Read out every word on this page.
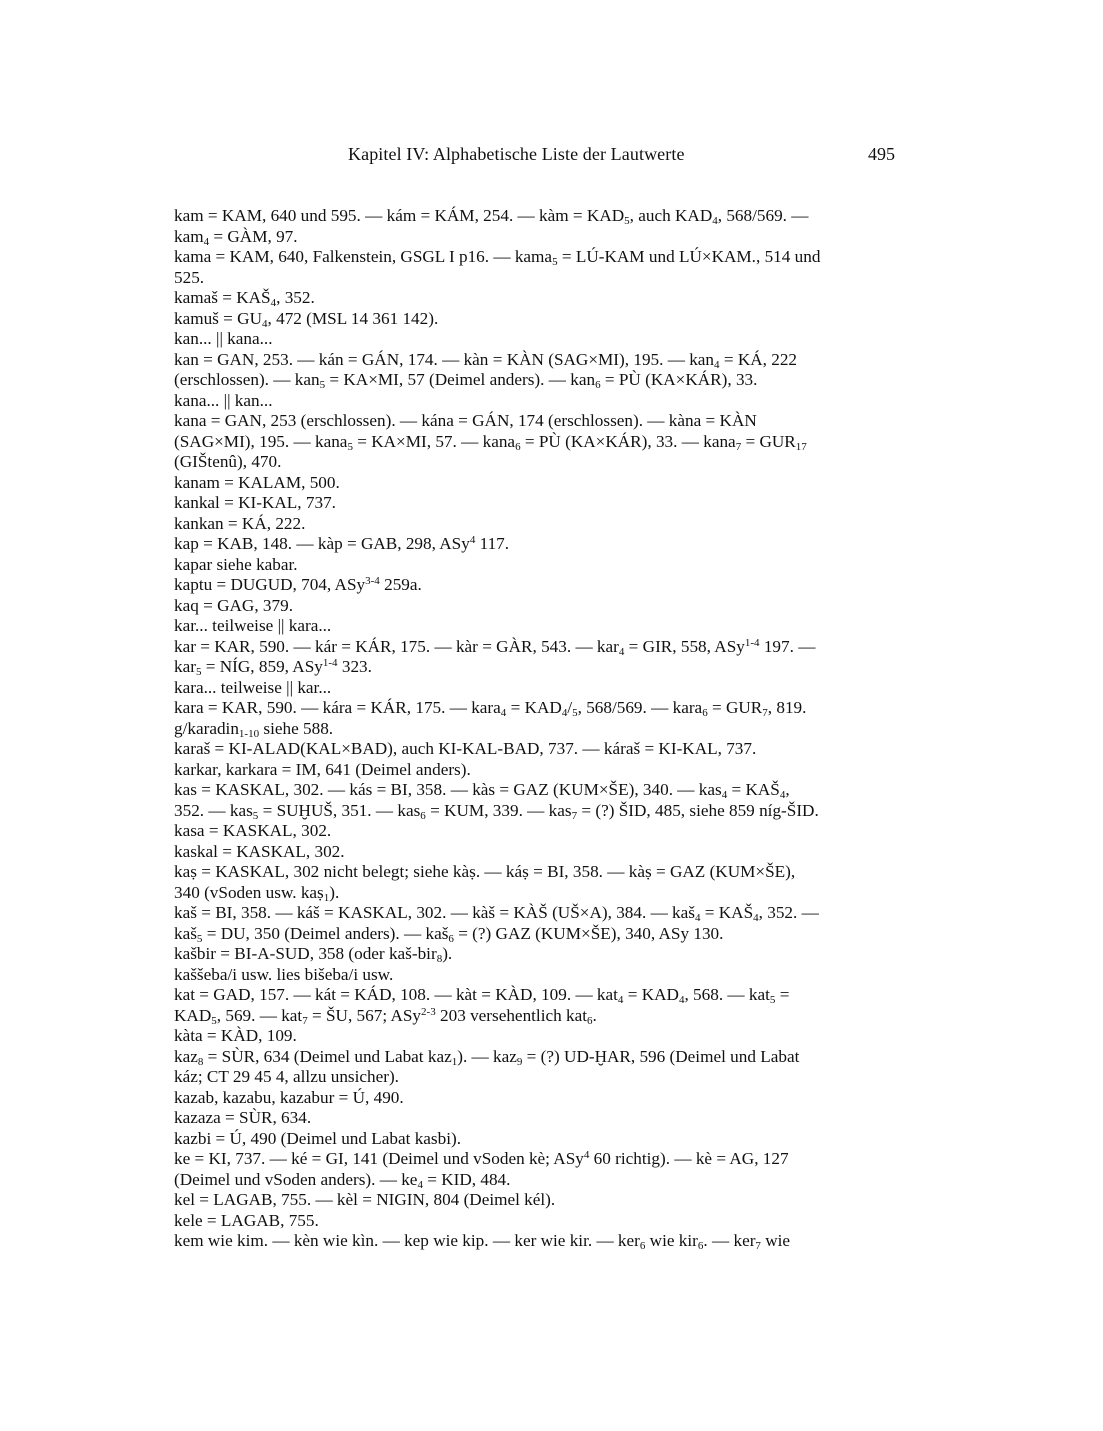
Kapitel IV: Alphabetische Liste der Lautwerte	495
kam = KAM, 640 und 595. — kám = KÁM, 254. — kàm = $KAD_5$, auch $KAD_4$, 568/569. —
kam$_4$ = GÀM, 97.
kama = KAM, 640, Falkenstein, GSGL I p16. — kama$_5$ = LÚ-KAM und LÚ×KAM., 514 und
525.
kamaš = $KAŠ_4$, 352.
kamuš = $GU_4$, 472 (MSL 14 361 142).
kan... || kana...
kan = GAN, 253. — kán = GÁN, 174. — kàn = KÀN (SAG×MI), 195. — kan$_4$ = KÁ, 222
(erschlossen). — kan$_5$ = KA×MI, 57 (Deimel anders). — kan$_6$ = PÙ (KA×KÁR), 33.
kana... || kan...
kana = GAN, 253 (erschlossen). — kána = GÁN, 174 (erschlossen). — kàna = KÀN
(SAG×MI), 195. — kana$_5$ = KA×MI, 57. — kana$_6$ = PÙ (KA×KÁR), 33. — kana$_7$ = $GUR_{17}$
(GIŠtenû), 470.
kanam = KALAM, 500.
kankal = KI-KAL, 737.
kankan = KÁ, 222.
kap = KAB, 148. — kàp = GAB, 298, ASy$^4$ 117.
kapar siehe kabar.
kaptu = DUGUD, 704, ASy$^{3-4}$ 259a.
kaq = GAG, 379.
kar... teilweise || kara...
kar = KAR, 590. — kár = KÁR, 175. — kàr = GÀR, 543. — kar$_4$ = GIR, 558, ASy$^{1-4}$ 197. —
kar$_5$ = NÍG, 859, ASy$^{1-4}$ 323.
kara... teilweise || kar...
kara = KAR, 590. — kára = KÁR, 175. — kara$_4$ = $KAD_4/_5$, 568/569. — kara$_6$ = $GUR_7$, 819.
g/karadin$_{1-10}$ siehe 588.
karaš = KI-ALAD(KAL×BAD), auch KI-KAL-BAD, 737. — káraš = KI-KAL, 737.
karkar, karkara = IM, 641 (Deimel anders).
kas = KASKAL, 302. — kás = BI, 358. — kàs = GAZ (KUM×ŠE), 340. — $kas_4 = KAŠ_4$,
352. — kas$_5$ = SUḪUŠ, 351. — kas$_6$ = KUM, 339. — kas$_7$ = (?) ŠID, 485, siehe 859 níg-ŠID.
kasa = KASKAL, 302.
kaskal = KASKAL, 302.
kaṣ = KASKAL, 302 nicht belegt; siehe kàṣ. — káṣ = BI, 358. — kàṣ = GAZ (KUM×ŠE),
340 (vSoden usw. kaṣ$_1$).
kaš = BI, 358. — káš = KASKAL, 302. — kàš = KÀŠ (UŠ×A), 384. — kaš$_4$ = $KAŠ_4$, 352. —
kaš$_5$ = DU, 350 (Deimel anders). — kaš$_6$ = (?) GAZ (KUM×ŠE), 340, ASy 130.
kašbir = BI-A-SUD, 358 (oder kaš-bir$_8$).
kaššeba/i usw. lies bišeba/i usw.
kat = GAD, 157. — kát = KÁD, 108. — kàt = KÀD, 109. — $kat_4 = KAD_4$, 568. — kat$_5$ =
$KAD_5$, 569. — kat$_7$ = ŠU, 567; ASy$^{2-3}$ 203 versehentlich kat$_6$.
kàta = KÀD, 109.
kaz$_8$ = SÙR, 634 (Deimel und Labat kaz$_1$). — kaz$_9$ = (?) UD-ḪAR, 596 (Deimel und Labat
káz; CT 29 45 4, allzu unsicher).
kazab, kazabu, kazabur = Ú, 490.
kazaza = SÙR, 634.
kazbi = Ú, 490 (Deimel und Labat kasbi).
ke = KI, 737. — ké = GI, 141 (Deimel und vSoden kè; ASy$^4$ 60 richtig). — kè = AG, 127
(Deimel und vSoden anders). — $ke_4$ = KID, 484.
kel = LAGAB, 755. — kèl = NIGIN, 804 (Deimel kél).
kele = LAGAB, 755.
kem wie kim. — kèn wie kìn. — kep wie kip. — ker wie kir. — ker$_6$ wie kir$_6$. — ker$_7$ wie
